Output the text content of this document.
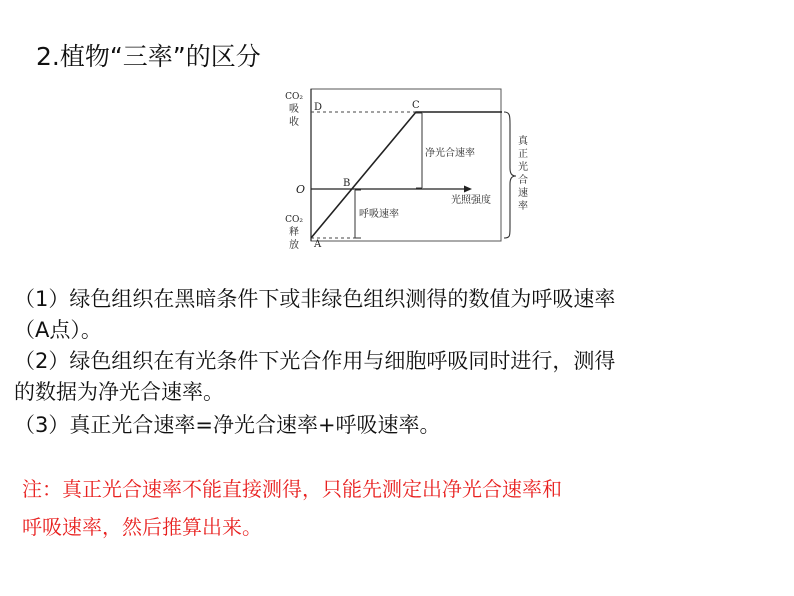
2.植物“三率”的区分
CO₂
吸
收
CO₂
释
放
D	C
B
A
O
净光合速率
呼吸速率
光照强度
真
正
光
合
速
率
（1）绿色组织在黑暗条件下或非绿色组织测得的数值为呼吸速率
（A点）。
（2）绿色组织在有光条件下光合作用与细胞呼吸同时进行，测得
的数据为净光合速率。
（3）真正光合速率=净光合速率+呼吸速率。
注：真正光合速率不能直接测得，只能先测定出净光合速率和
呼吸速率，然后推算出来。
